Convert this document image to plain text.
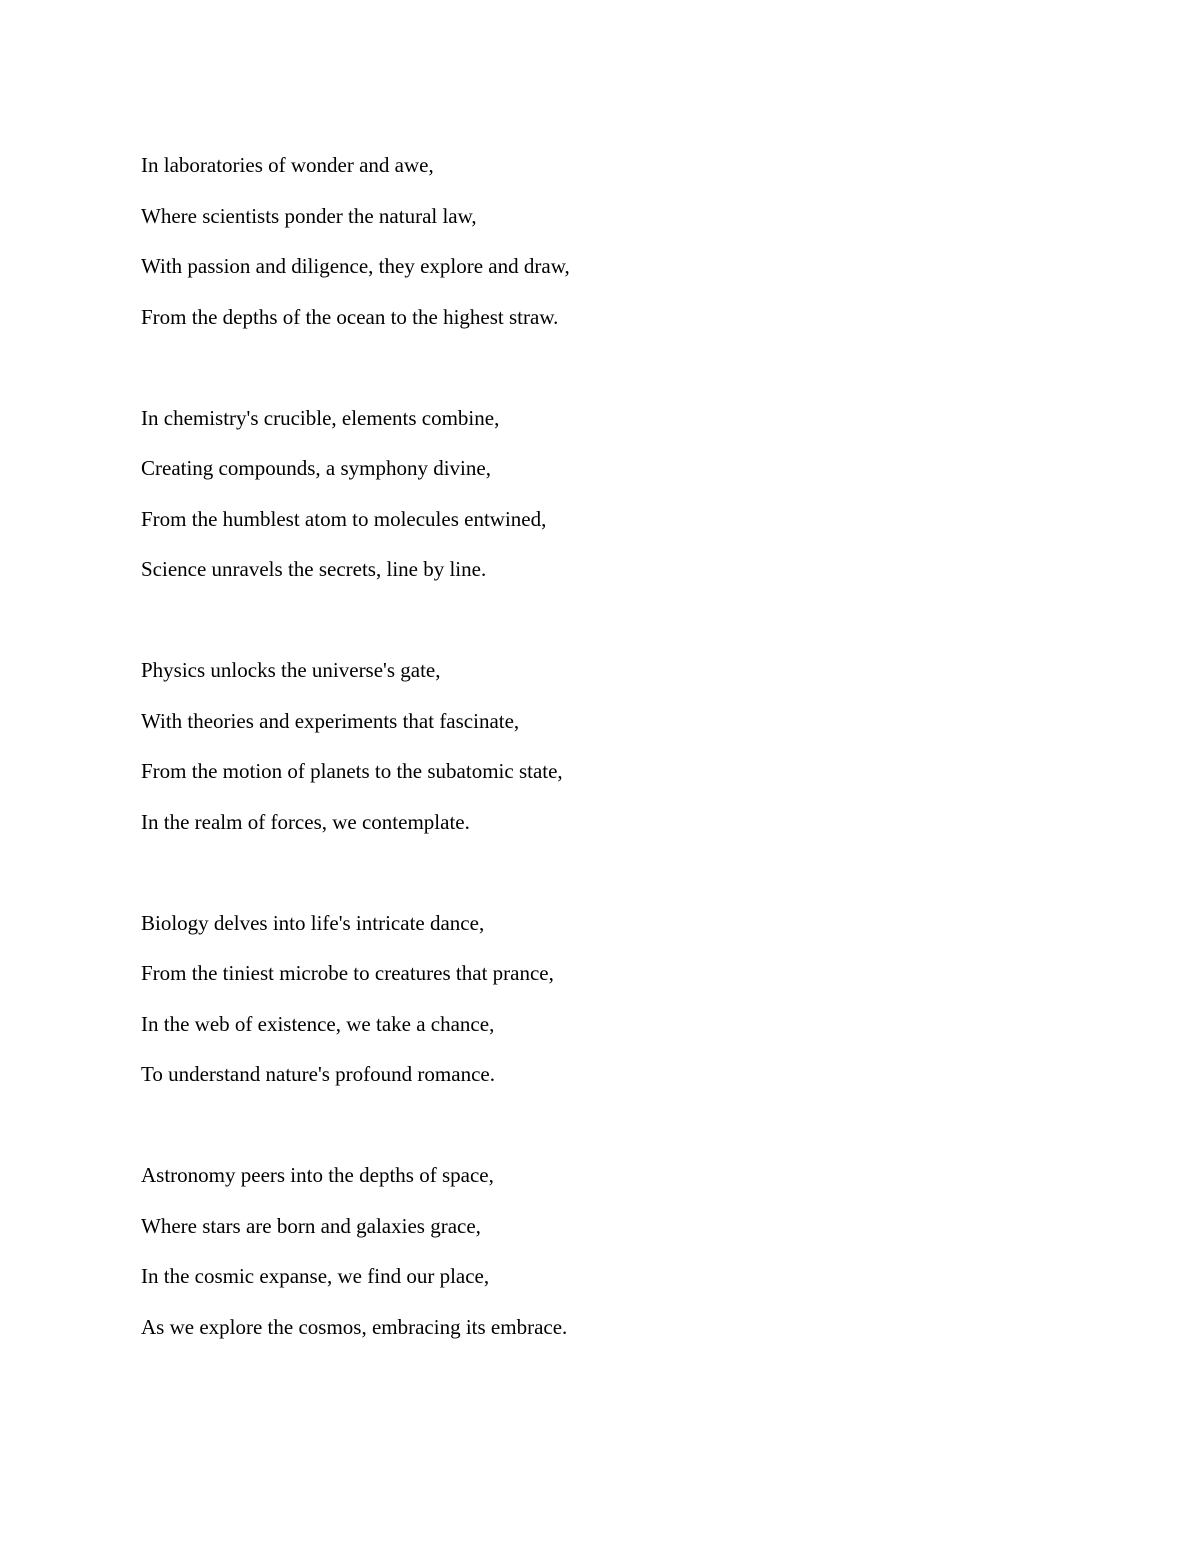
In laboratories of wonder and awe,
Where scientists ponder the natural law,
With passion and diligence, they explore and draw,
From the depths of the ocean to the highest straw.
In chemistry's crucible, elements combine,
Creating compounds, a symphony divine,
From the humblest atom to molecules entwined,
Science unravels the secrets, line by line.
Physics unlocks the universe's gate,
With theories and experiments that fascinate,
From the motion of planets to the subatomic state,
In the realm of forces, we contemplate.
Biology delves into life's intricate dance,
From the tiniest microbe to creatures that prance,
In the web of existence, we take a chance,
To understand nature's profound romance.
Astronomy peers into the depths of space,
Where stars are born and galaxies grace,
In the cosmic expanse, we find our place,
As we explore the cosmos, embracing its embrace.
